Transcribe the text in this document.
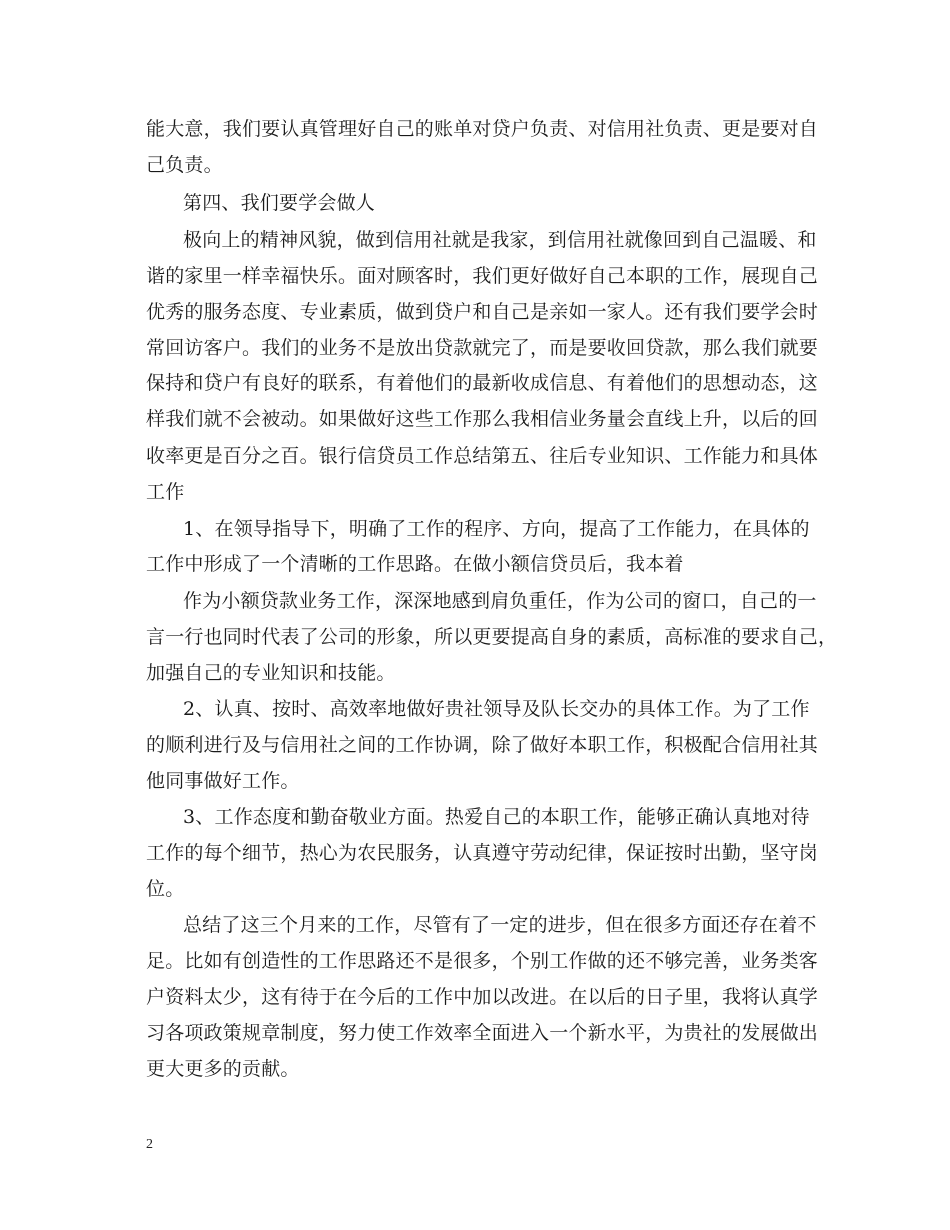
能大意，我们要认真管理好自己的账单对贷户负责、对信用社负责、更是要对自
己负责。
第四、我们要学会做人
极向上的精神风貌，做到信用社就是我家，到信用社就像回到自己温暖、和
谐的家里一样幸福快乐。面对顾客时，我们更好做好自己本职的工作，展现自己
优秀的服务态度、专业素质，做到贷户和自己是亲如一家人。还有我们要学会时
常回访客户。我们的业务不是放出贷款就完了，而是要收回贷款，那么我们就要
保持和贷户有良好的联系，有着他们的最新收成信息、有着他们的思想动态，这
样我们就不会被动。如果做好这些工作那么我相信业务量会直线上升，以后的回
收率更是百分之百。银行信贷员工作总结第五、往后专业知识、工作能力和具体
工作
1、在领导指导下，明确了工作的程序、方向，提高了工作能力，在具体的
工作中形成了一个清晰的工作思路。在做小额信贷员后，我本着
作为小额贷款业务工作，深深地感到肩负重任，作为公司的窗口，自己的一
言一行也同时代表了公司的形象，所以更要提高自身的素质，高标准的要求自己，
加强自己的专业知识和技能。
2、认真、按时、高效率地做好贵社领导及队长交办的具体工作。为了工作
的顺利进行及与信用社之间的工作协调，除了做好本职工作，积极配合信用社其
他同事做好工作。
3、工作态度和勤奋敬业方面。热爱自己的本职工作，能够正确认真地对待
工作的每个细节，热心为农民服务，认真遵守劳动纪律，保证按时出勤，坚守岗
位。
总结了这三个月来的工作，尽管有了一定的进步，但在很多方面还存在着不
足。比如有创造性的工作思路还不是很多，个别工作做的还不够完善，业务类客
户资料太少，这有待于在今后的工作中加以改进。在以后的日子里，我将认真学
习各项政策规章制度，努力使工作效率全面进入一个新水平，为贵社的发展做出
更大更多的贡献。
2
